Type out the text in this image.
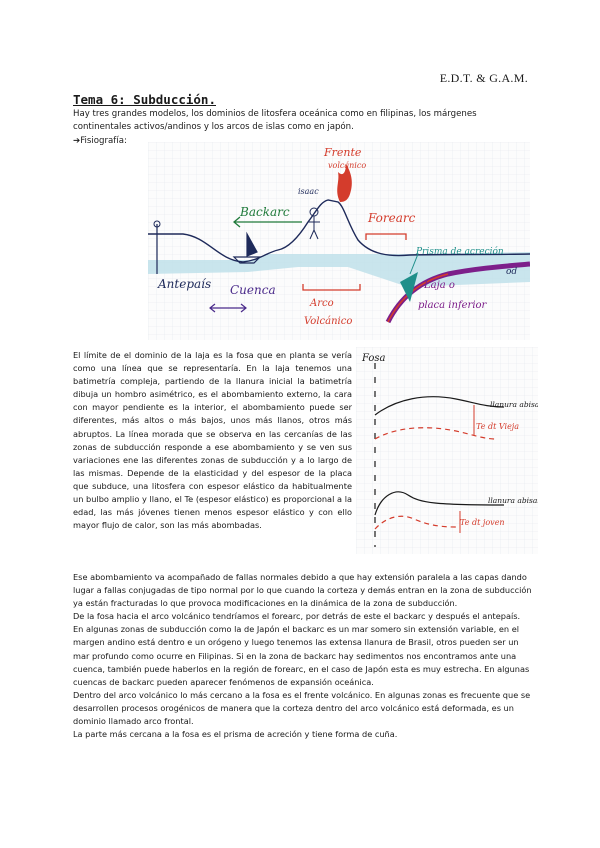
E.D.T. & G.A.M.
Tema 6: Subducción.
Hay tres grandes modelos, los dominios de litosfera oceánica como en filipinas, los márgenes continentales activos/andinos y los arcos de islas como en japón.
➔Fisiografía:
Frente
volcánico
isaac
Backarc	Forearc
Prisma de acreción
od
Antepaís Cuenca
Arco
Volcánico
Laja o
placa inferior
Fosa
llanura abisal
Te dt Vieja
llanura abisal
Te dt joven
El límite de el dominio de la laja es la fosa que en planta se vería como una línea que se representaría. En la laja tenemos una batimetría compleja, partiendo de la llanura inicial la batimetría dibuja un hombro asimétrico, es el abombamiento externo, la cara con mayor pendiente es la interior, el abombamiento puede ser diferentes, más altos o más bajos, unos más llanos, otros más abruptos. La línea morada que se observa en las cercanías de las zonas de subducción responde a ese abombamiento y se ven sus variaciones ene las diferentes zonas de subducción y a lo largo de las mismas. Depende de la elasticidad y del espesor de la placa que subduce, una litosfera con espesor elástico da habitualmente un bulbo amplio y llano, el Te (espesor elástico) es proporcional a la edad, las más jóvenes tienen menos espesor elástico y con ello mayor flujo de calor, son las más abombadas.

Ese abombamiento va acompañado de fallas normales debido a que hay extensión paralela a las capas dando lugar a fallas conjugadas de tipo normal por lo que cuando la corteza y demás entran en la zona de subducción ya están fracturadas lo que provoca modificaciones en la dinámica de la zona de subducción.

De la fosa hacia el arco volcánico tendríamos el forearc, por detrás de este el backarc y después el antepaís. En algunas zonas de subducción como la de Japón el backarc es un mar somero sin extensión variable, en el margen andino está dentro e un orógeno y luego tenemos las extensa llanura de Brasil, otros pueden ser un mar profundo como ocurre en Filipinas. Si en la zona de backarc hay sedimentos nos encontramos ante una cuenca, también puede haberlos en la región de forearc, en el caso de Japón esta es muy estrecha. En algunas cuencas de backarc pueden aparecer fenómenos de expansión oceánica.

Dentro del arco volcánico lo más cercano a la fosa es el frente volcánico. En algunas zonas es frecuente que se desarrollen procesos orogénicos de manera que la corteza dentro del arco volcánico está deformada, es un dominio llamado arco frontal.

La parte más cercana a la fosa es el prisma de acreción y tiene forma de cuña.
